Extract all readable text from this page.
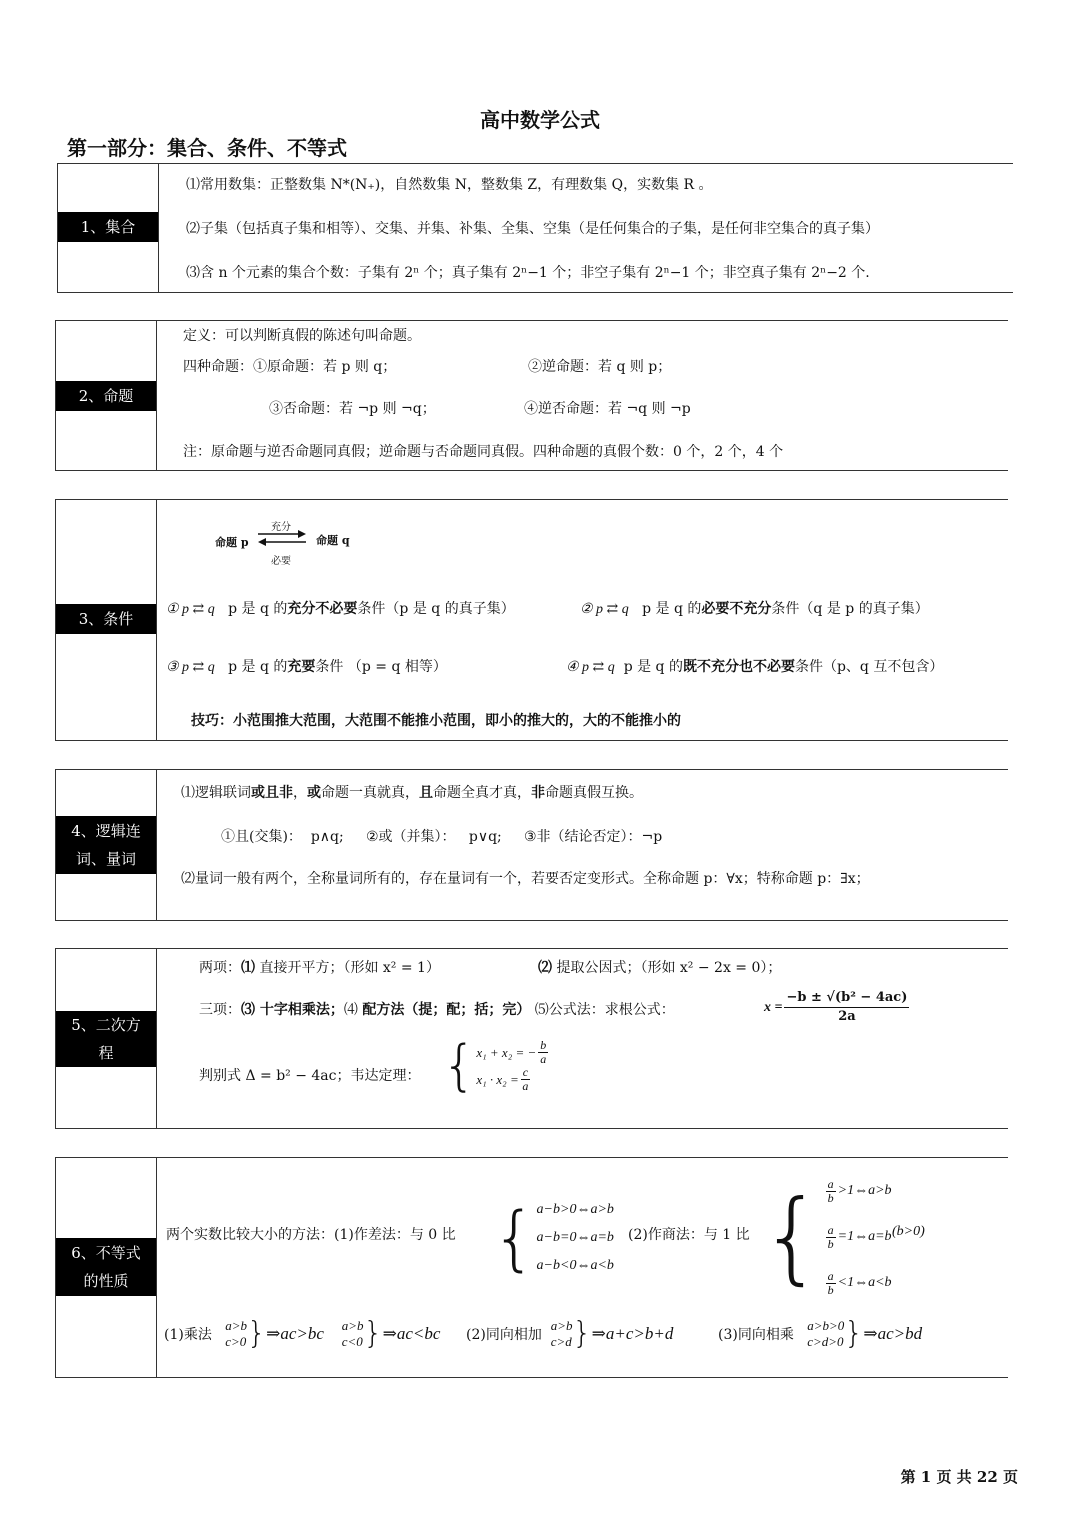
高中数学公式
第一部分：集合、条件、不等式
1、集合
⑴常用数集：正整数集 N*(N₊)，自然数集 N，整数集 Z，有理数集 Q，实数集 R 。
⑵子集（包括真子集和相等）、交集、并集、补集、全集、空集（是任何集合的子集，是任何非空集合的真子集）
⑶含 n 个元素的集合个数：子集有 2ⁿ 个；真子集有 2ⁿ−1 个；非空子集有 2ⁿ−1 个；非空真子集有 2ⁿ−2 个.
2、命题
定义：可以判断真假的陈述句叫命题。
四种命题：①原命题：若 p 则 q；	②逆命题：若 q 则 p；
③否命题：若 ¬p 则 ¬q；	④逆否命题：若 ¬q 则 ¬p
注：原命题与逆否命题同真假；逆命题与否命题同真假。四种命题的真假个数：0 个，2 个，4 个
3、条件
命题 p
充分
必要
命题 q
① p ⇄ q p 是 q 的充分不必要条件（p 是 q 的真子集）	② p ⇄ q p 是 q 的必要不充分条件（q 是 p 的真子集）
③ p ⇄ q p 是 q 的充要条件 （p = q 相等）	④ p ⇄ q p 是 q 的既不充分也不必要条件（p、q 互不包含）
技巧：小范围推大范围，大范围不能推小范围，即小的推大的，大的不能推小的
4、逻辑连
词、量词
⑴逻辑联词或且非，或命题一真就真，且命题全真才真，非命题真假互换。
①且(交集)：  p∧q;     ②或（并集）：   p∨q;     ③非（结论否定）：¬p
⑵量词一般有两个，全称量词所有的，存在量词有一个，若要否定变形式。全称命题 p：∀x；特称命题 p：∃x；
5、二次方
程
两项：⑴ 直接开平方；（形如 x² = 1）	⑵ 提取公因式；（形如 x² − 2x = 0）；
三项：⑶ 十字相乘法；⑷ 配方法（提；配；括；完） ⑸公式法：求根公式：	$x = \frac{\text{−b ± √(b² − 4ac)}}{2a}$
判别式 Δ = b² − 4ac；韦达定理： { x₁ + x₂ = − $\frac{b}{a}$
$x_1 \cdot x_2 = \frac{c}{a}$
6、不等式
的性质
两个实数比较大小的方法：(1)作差法：与 0 比 { a−b>0⇔a>b
a−b=0⇔a=b
a−b<0⇔a<b
(2)作商法：与 1 比 { $\frac{a}{b}$ >1⇔a>b
$\frac{a}{b}$ =1⇔a=b
$\frac{a}{b}$ <1⇔a<b
(b>0)
(1)乘法

a>b
c>0 } ⇒ac>bc
a>b
c<0 } ⇒ac<bc (2)同向相加

a>b
c>d } ⇒a+c>b+d	(3)同向相乘

a>b>0
c>d>0 } ⇒ac>bd
第 1 页 共 22 页
